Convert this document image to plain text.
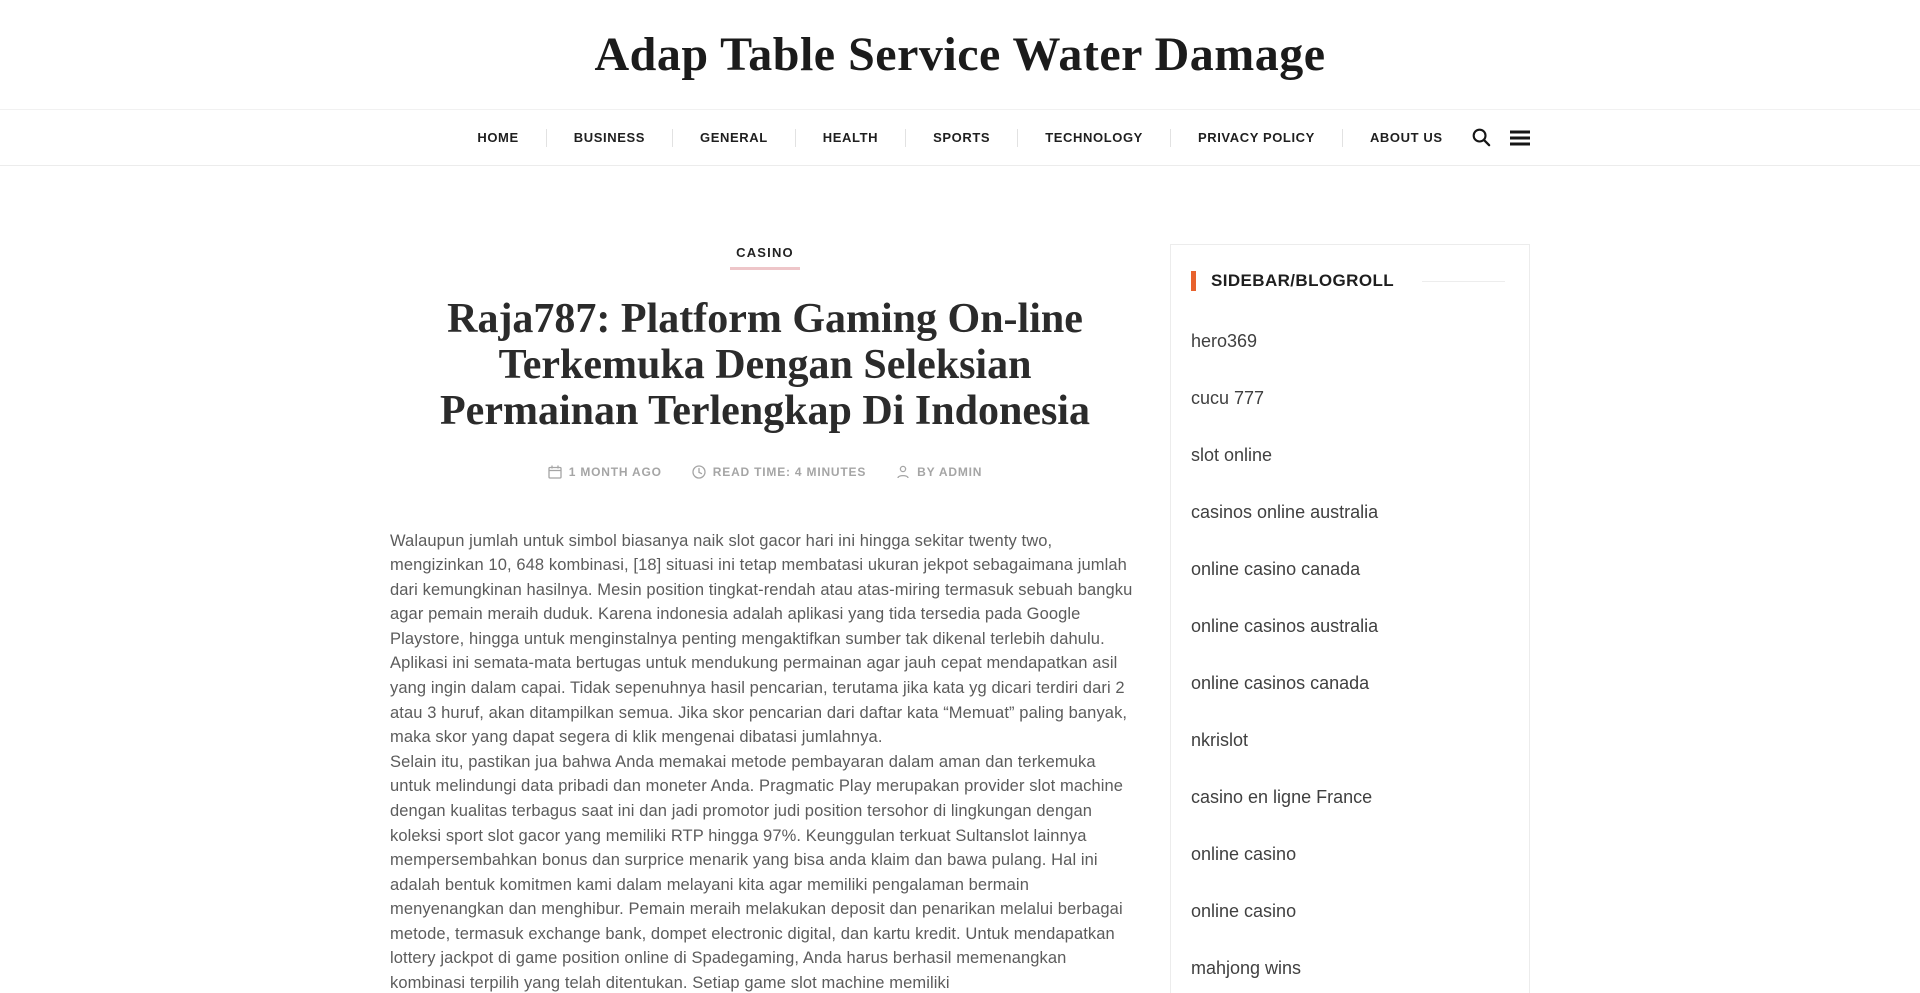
Adap Table Service Water Damage
HOME	BUSINESS	GENERAL	HEALTH	SPORTS	TECHNOLOGY	PRIVACY POLICY	ABOUT US
CASINO
Raja787: Platform Gaming On-line Terkemuka Dengan Seleksian Permainan Terlengkap Di Indonesia
1 MONTH AGO	READ TIME: 4 MINUTES	BY ADMIN

Walaupun jumlah untuk simbol biasanya naik slot gacor hari ini hingga sekitar twenty two, mengizinkan 10, 648 kombinasi, [18] situasi ini tetap membatasi ukuran jekpot sebagaimana jumlah dari kemungkinan hasilnya. Mesin position tingkat-rendah atau atas-miring termasuk sebuah bangku agar pemain meraih duduk. Karena indonesia adalah aplikasi yang tida tersedia pada Google Playstore, hingga untuk menginstalnya penting mengaktifkan sumber tak dikenal terlebih dahulu. Aplikasi ini semata-mata bertugas untuk mendukung permainan agar jauh cepat mendapatkan asil yang ingin dalam capai. Tidak sepenuhnya hasil pencarian, terutama jika kata yg dicari terdiri dari 2 atau 3 huruf, akan ditampilkan semua. Jika skor pencarian dari daftar kata “Memuat” paling banyak, maka skor yang dapat segera di klik mengenai dibatasi jumlahnya.

Selain itu, pastikan jua bahwa Anda memakai metode pembayaran dalam aman dan terkemuka untuk melindungi data pribadi dan moneter Anda. Pragmatic Play merupakan provider slot machine dengan kualitas terbagus saat ini dan jadi promotor judi position tersohor di lingkungan dengan koleksi sport slot gacor yang memiliki RTP hingga 97%. Keunggulan terkuat Sultanslot lainnya mempersembahkan bonus dan surprice menarik yang bisa anda klaim dan bawa pulang. Hal ini adalah bentuk komitmen kami dalam melayani kita agar memiliki pengalaman bermain menyenangkan dan menghibur. Pemain meraih melakukan deposit dan penarikan melalui berbagai metode, termasuk exchange bank, dompet electronic digital, dan kartu kredit. Untuk mendapatkan lottery jackpot di game position online di Spadegaming, Anda harus berhasil memenangkan kombinasi terpilih yang telah ditentukan. Setiap game slot machine memiliki

SIDEBAR/BLOGROLL
hero369
cucu 777
slot online
casinos online australia
online casino canada
online casinos australia
online casinos canada
nkrislot
casino en ligne France
online casino
online casino
mahjong wins
